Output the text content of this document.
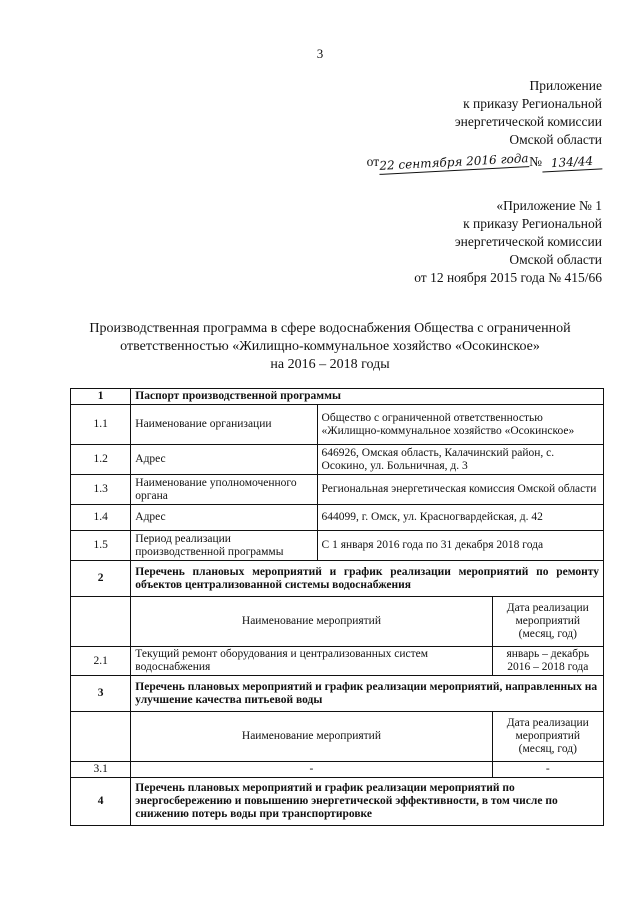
3
Приложение
к приказу Региональной
энергетической комиссии
Омской области
от22 сентября 2016 года№ 134/44
«Приложение № 1
к приказу Региональной
энергетической комиссии
Омской области
от 12 ноября 2015 года № 415/66
Производственная программа в сфере водоснабжения Общества с ограниченной
ответственностью «Жилищно-коммунальное хозяйство «Осокинское»
на 2016 – 2018 годы
1	Паспорт производственной программы		
1.1	Наименование организации	Общество с ограниченной ответственностью «Жилищно-коммунальное хозяйство «Осокинское»	
1.2	Адрес	646926, Омская область, Калачинский район, с. Осокино, ул. Больничная, д. 3	
1.3	Наименование уполномоченного органа	Региональная энергетическая комиссия Омской области	
1.4	Адрес	644099, г. Омск, ул. Красногвардейская, д. 42	
1.5	Период реализации производственной программы	С 1 января 2016 года по 31 декабря 2018 года	
2	Перечень плановых мероприятий и график реализации мероприятий по ремонту объектов централизованной системы водоснабжения		
	Наименование мероприятий		Дата реализации мероприятий (месяц, год)
2.1	Текущий ремонт оборудования и централизованных систем водоснабжения		январь – декабрь 2016 – 2018 года
3	Перечень плановых мероприятий и график реализации мероприятий, направленных на улучшение качества питьевой воды		
	Наименование мероприятий		Дата реализации мероприятий (месяц, год)
3.1	-		-
4	Перечень плановых мероприятий и график реализации мероприятий по энергосбережению и повышению энергетической эффективности, в том числе по снижению потерь воды при транспортировке		
